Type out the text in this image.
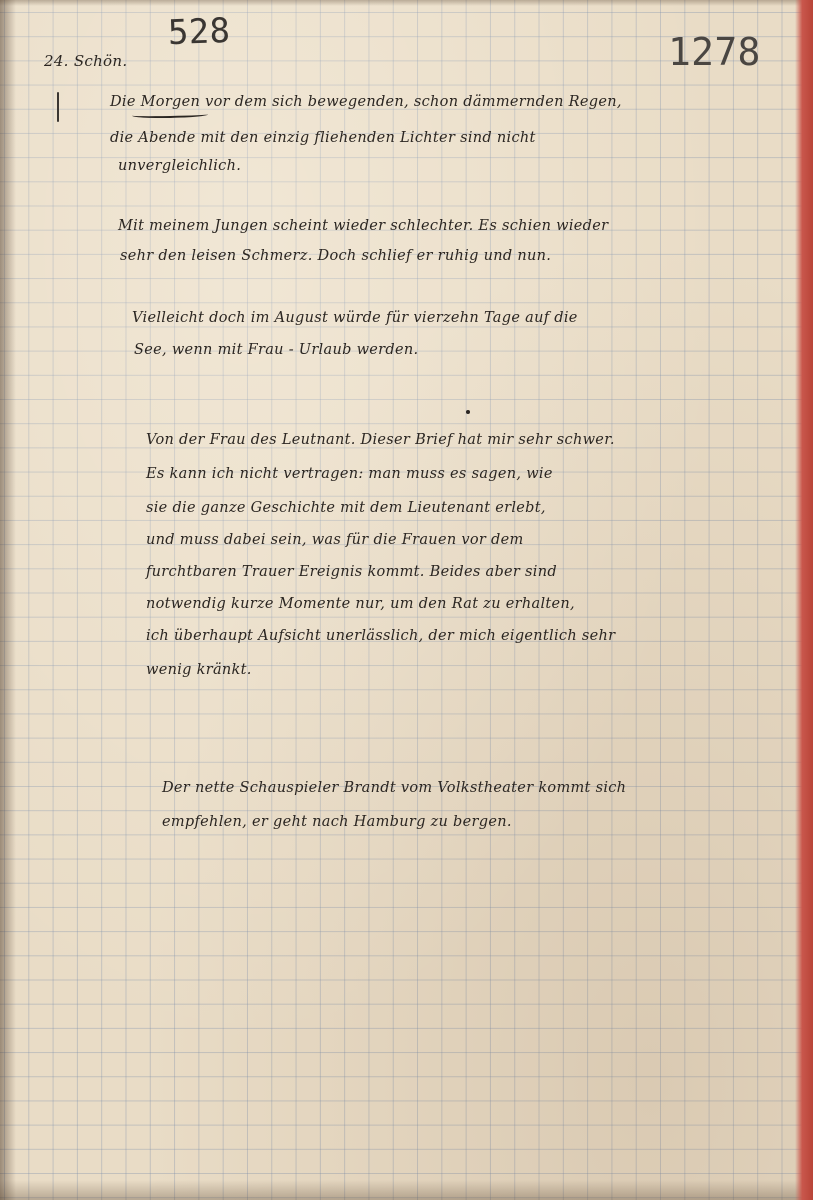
528	1278
24. Schön.
Die Morgen vor dem sich bewegenden, schon dämmernden Regen,
die Abende mit den einzig fliehenden Lichter sind nicht
unvergleichlich.
Mit meinem Jungen scheint wieder schlechter. Es schien wieder
sehr den leisen Schmerz. Doch schlief er ruhig und nun.
Vielleicht doch im August würde für vierzehn Tage auf die
See, wenn mit Frau - Urlaub werden.
Von der Frau des Leutnant. Dieser Brief hat mir sehr schwer.
Es kann ich nicht vertragen: man muss es sagen, wie
sie die ganze Geschichte mit dem Lieutenant erlebt,
und muss dabei sein, was für die Frauen vor dem
furchtbaren Trauer Ereignis kommt. Beides aber sind
notwendig kurze Momente nur, um den Rat zu erhalten,
ich überhaupt Aufsicht unerlässlich, der mich eigentlich sehr
wenig kränkt.
Der nette Schauspieler Brandt vom Volkstheater kommt sich
empfehlen, er geht nach Hamburg zu bergen.
